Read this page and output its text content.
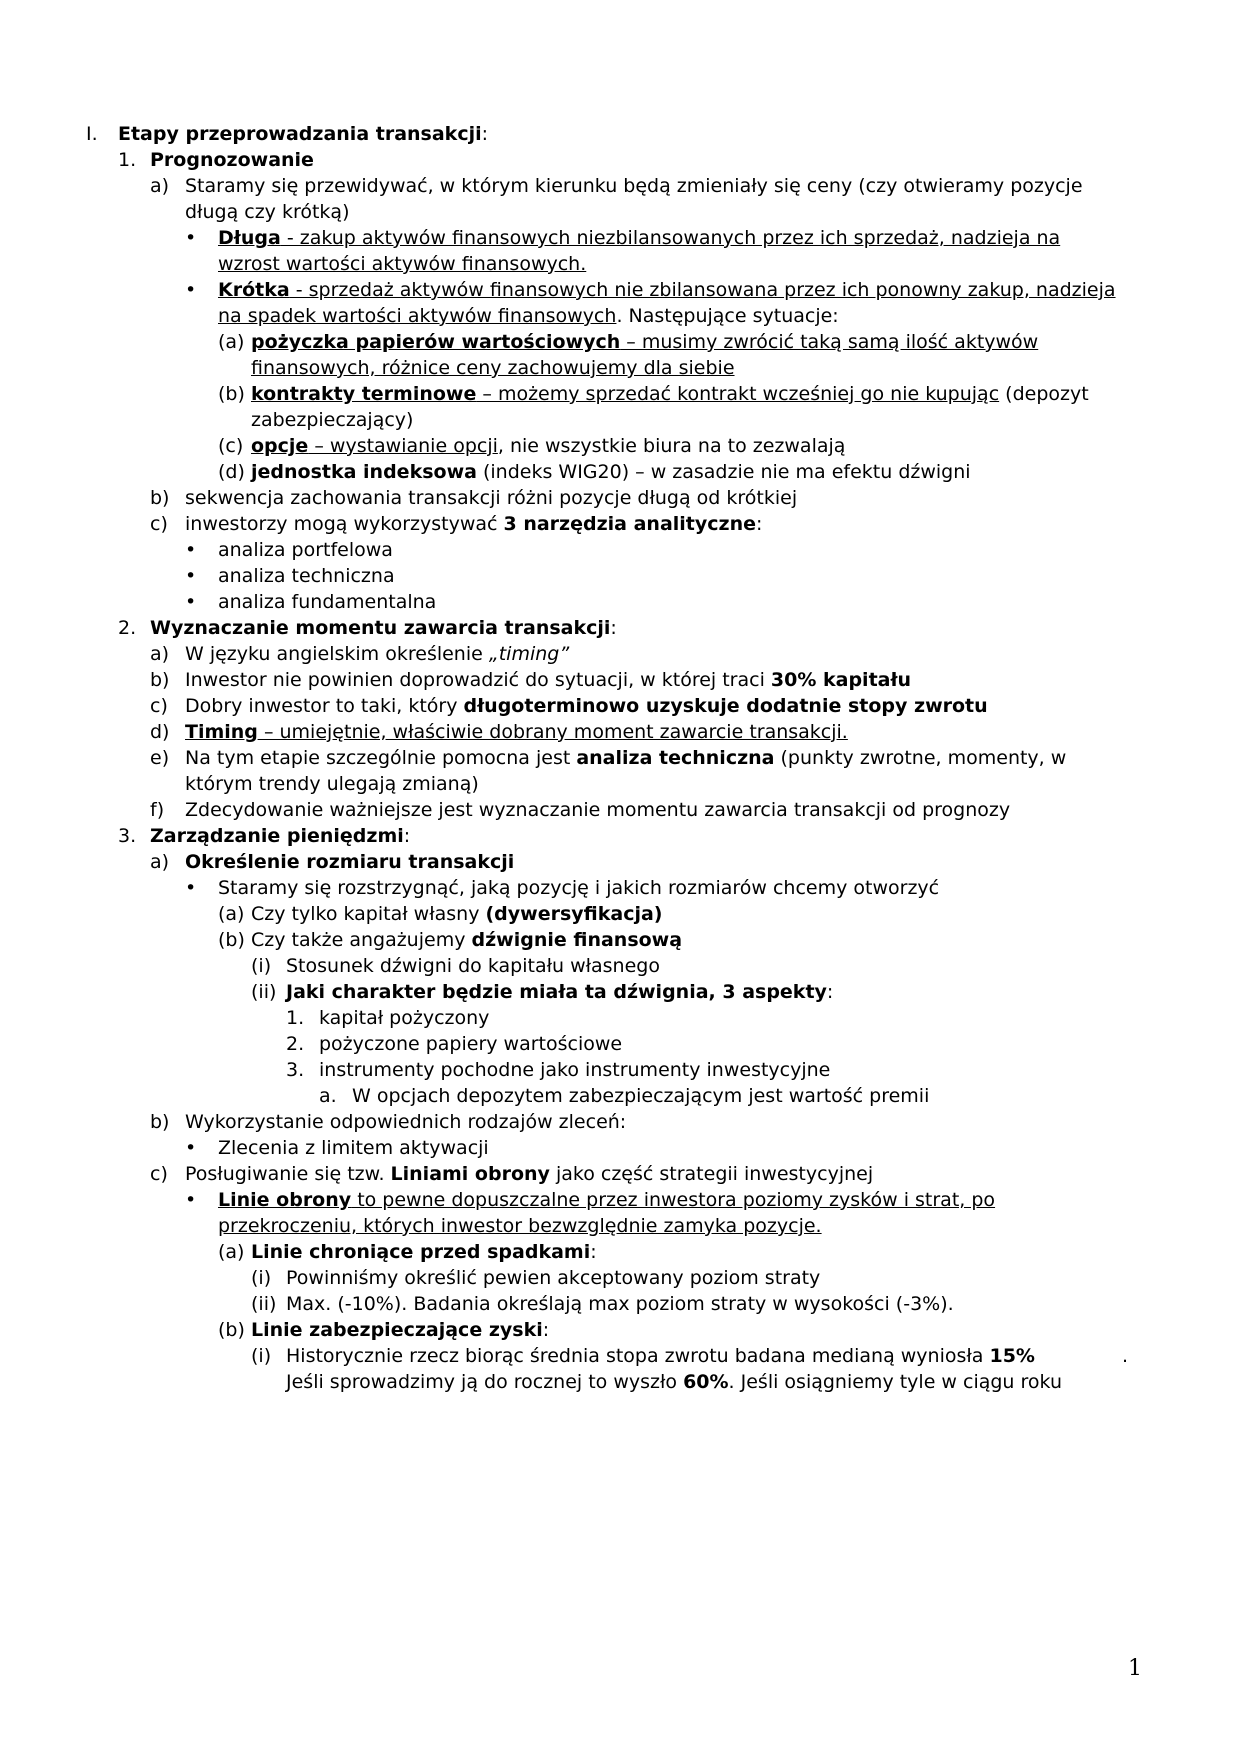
I. Etapy przeprowadzania transakcji:
1. Prognozowanie
a) Staramy się przewidywać, w którym kierunku będą zmieniały się ceny (czy otwieramy pozycje
długą czy krótką)
• Długa - zakup aktywów finansowych niezbilansowanych przez ich sprzedaż, nadzieja na
wzrost wartości aktywów finansowych.
• Krótka - sprzedaż aktywów finansowych nie zbilansowana przez ich ponowny zakup, nadzieja
na spadek wartości aktywów finansowych. Następujące sytuacje:
(a) pożyczka papierów wartościowych – musimy zwrócić taką samą ilość aktywów
finansowych, różnice ceny zachowujemy dla siebie
(b) kontrakty terminowe – możemy sprzedać kontrakt wcześniej go nie kupując (depozyt
zabezpieczający)
(c) opcje – wystawianie opcji, nie wszystkie biura na to zezwalają
(d) jednostka indeksowa (indeks WIG20) – w zasadzie nie ma efektu dźwigni
b) sekwencja zachowania transakcji różni pozycje długą od krótkiej
c) inwestorzy mogą wykorzystywać 3 narzędzia analityczne:
• analiza portfelowa
• analiza techniczna
• analiza fundamentalna
2. Wyznaczanie momentu zawarcia transakcji:
a) W języku angielskim określenie „timing”
b) Inwestor nie powinien doprowadzić do sytuacji, w której traci 30% kapitału
c) Dobry inwestor to taki, który długoterminowo uzyskuje dodatnie stopy zwrotu
d) Timing – umiejętnie, właściwie dobrany moment zawarcie transakcji.
e) Na tym etapie szczególnie pomocna jest analiza techniczna (punkty zwrotne, momenty, w
którym trendy ulegają zmianą)
f) Zdecydowanie ważniejsze jest wyznaczanie momentu zawarcia transakcji od prognozy
3. Zarządzanie pieniędzmi:
a) Określenie rozmiaru transakcji
• Staramy się rozstrzygnąć, jaką pozycję i jakich rozmiarów chcemy otworzyć
(a) Czy tylko kapitał własny (dywersyfikacja)
(b) Czy także angażujemy dźwignie finansową
(i) Stosunek dźwigni do kapitału własnego
(ii) Jaki charakter będzie miała ta dźwignia, 3 aspekty:
1. kapitał pożyczony
2. pożyczone papiery wartościowe
3. instrumenty pochodne jako instrumenty inwestycyjne
a. W opcjach depozytem zabezpieczającym jest wartość premii
b) Wykorzystanie odpowiednich rodzajów zleceń:
• Zlecenia z limitem aktywacji
c) Posługiwanie się tzw. Liniami obrony jako część strategii inwestycyjnej
• Linie obrony to pewne dopuszczalne przez inwestora poziomy zysków i strat, po
przekroczeniu, których inwestor bezwzględnie zamyka pozycje.
(a) Linie chroniące przed spadkami:
(i) Powinniśmy określić pewien akceptowany poziom straty
(ii) Max. (-10%). Badania określają max poziom straty w wysokości (-3%).
(b) Linie zabezpieczające zyski:
(i) Historycznie rzecz biorąc średnia stopa zwrotu badana medianą wyniosła 15%	.
Jeśli sprowadzimy ją do rocznej to wyszło 60%. Jeśli osiągniemy tyle w ciągu roku
1
